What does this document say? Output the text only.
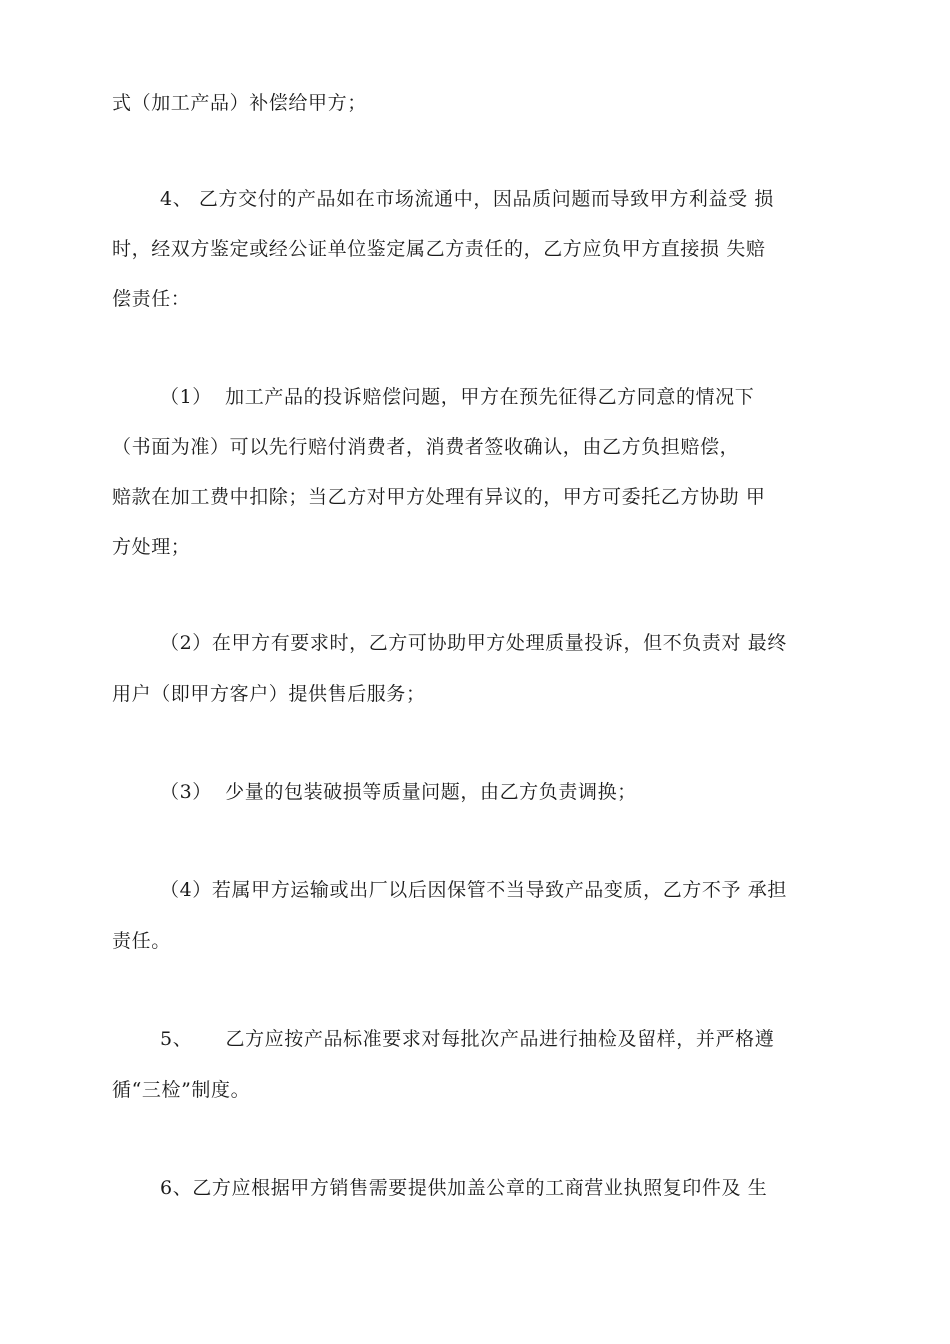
式（加工产品）补偿给甲方；
4、 乙方交付的产品如在市场流通中，因品质问题而导致甲方利益受 损
时，经双方鉴定或经公证单位鉴定属乙方责任的，乙方应负甲方直接损 失赔
偿责任：
（1）  加工产品的投诉赔偿问题，甲方在预先征得乙方同意的情况下
（书面为准）可以先行赔付消费者，消费者签收确认，由乙方负担赔偿，
赔款在加工费中扣除；当乙方对甲方处理有异议的，甲方可委托乙方协助 甲
方处理；
（2）在甲方有要求时，乙方可协助甲方处理质量投诉，但不负责对 最终
用户（即甲方客户）提供售后服务；
（3）  少量的包装破损等质量问题，由乙方负责调换；
（4）若属甲方运输或出厂以后因保管不当导致产品变质，乙方不予 承担
责任。
5、     乙方应按产品标准要求对每批次产品进行抽检及留样，并严格遵
循“三检”制度。
6、乙方应根据甲方销售需要提供加盖公章的工商营业执照复印件及 生
